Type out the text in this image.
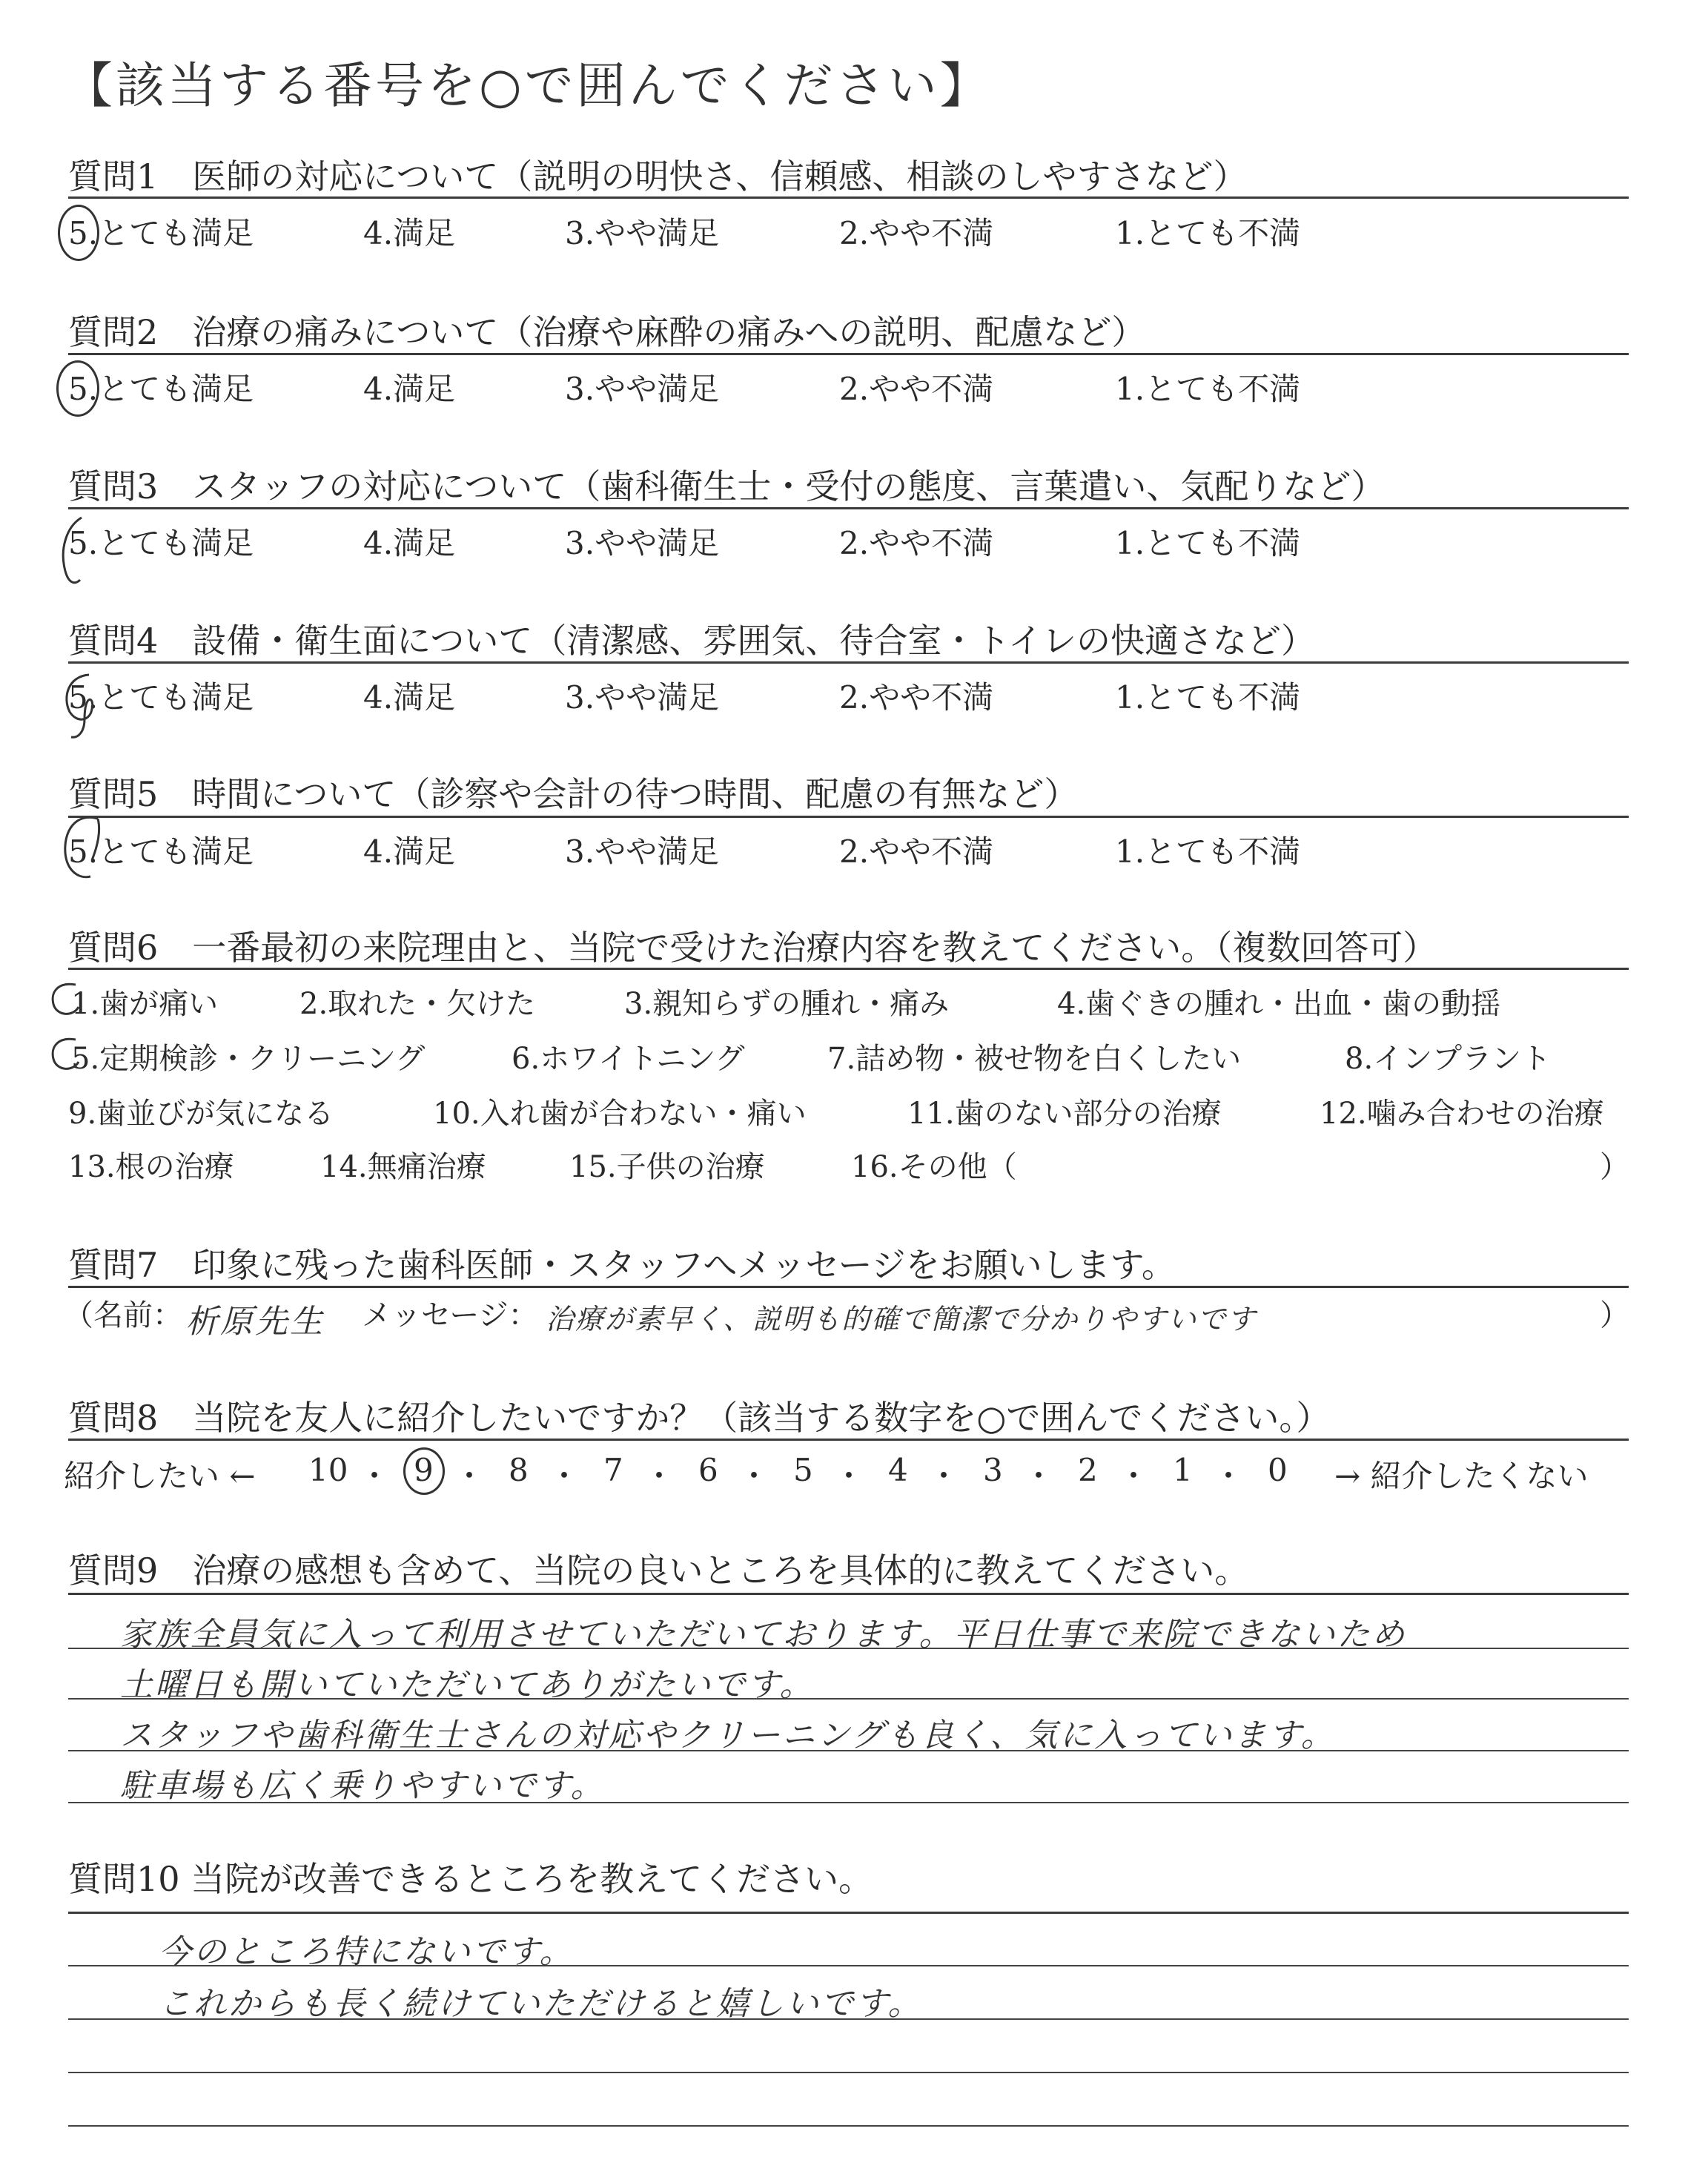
【該当する番号を○で囲んでください】
質問1　医師の対応について（説明の明快さ、信頼感、相談のしやすさなど）
5.とても満足	4.満足	3.やや満足	2.やや不満	1.とても不満
質問2　治療の痛みについて（治療や麻酔の痛みへの説明、配慮など）
5.とても満足	4.満足	3.やや満足	2.やや不満	1.とても不満
質問3　スタッフの対応について（歯科衛生士・受付の態度、言葉遣い、気配りなど）
5.とても満足	4.満足	3.やや満足	2.やや不満	1.とても不満
質問4　設備・衛生面について（清潔感、雰囲気、待合室・トイレの快適さなど）
5.とても満足	4.満足	3.やや満足	2.やや不満	1.とても不満
質問5　時間について（診察や会計の待つ時間、配慮の有無など）
5.とても満足	4.満足	3.やや満足	2.やや不満	1.とても不満
質問6　一番最初の来院理由と、当院で受けた治療内容を教えてください。（複数回答可）
1.歯が痛い	2.取れた・欠けた	3.親知らずの腫れ・痛み	4.歯ぐきの腫れ・出血・歯の動揺
5.定期検診・クリーニング	6.ホワイトニング	7.詰め物・被せ物を白くしたい	8.インプラント
9.歯並びが気になる	10.入れ歯が合わない・痛い	11.歯のない部分の治療	12.噛み合わせの治療
13.根の治療	14.無痛治療	15.子供の治療	16.その他（	）
質問7　印象に残った歯科医師・スタッフへメッセージをお願いします。
（名前： 析原先生 メッセージ： 治療が素早く、説明も的確で簡潔で分かりやすいです	）
質問8　当院を友人に紹介したいですか？（該当する数字を○で囲んでください。）
紹介したい ←	→ 紹介したくない
10 ・ 9 ・ 8 ・ 7 ・ 6 ・ 5 ・ 4 ・ 3 ・ 2 ・ 1 ・ 0
質問9　治療の感想も含めて、当院の良いところを具体的に教えてください。
家族全員気に入って利用させていただいております。平日仕事で来院できないため
土曜日も開いていただいてありがたいです。
スタッフや歯科衛生士さんの対応やクリーニングも良く、気に入っています。
駐車場も広く乗りやすいです。
質問10 当院が改善できるところを教えてください。
今のところ特にないです。
これからも長く続けていただけると嬉しいです。
